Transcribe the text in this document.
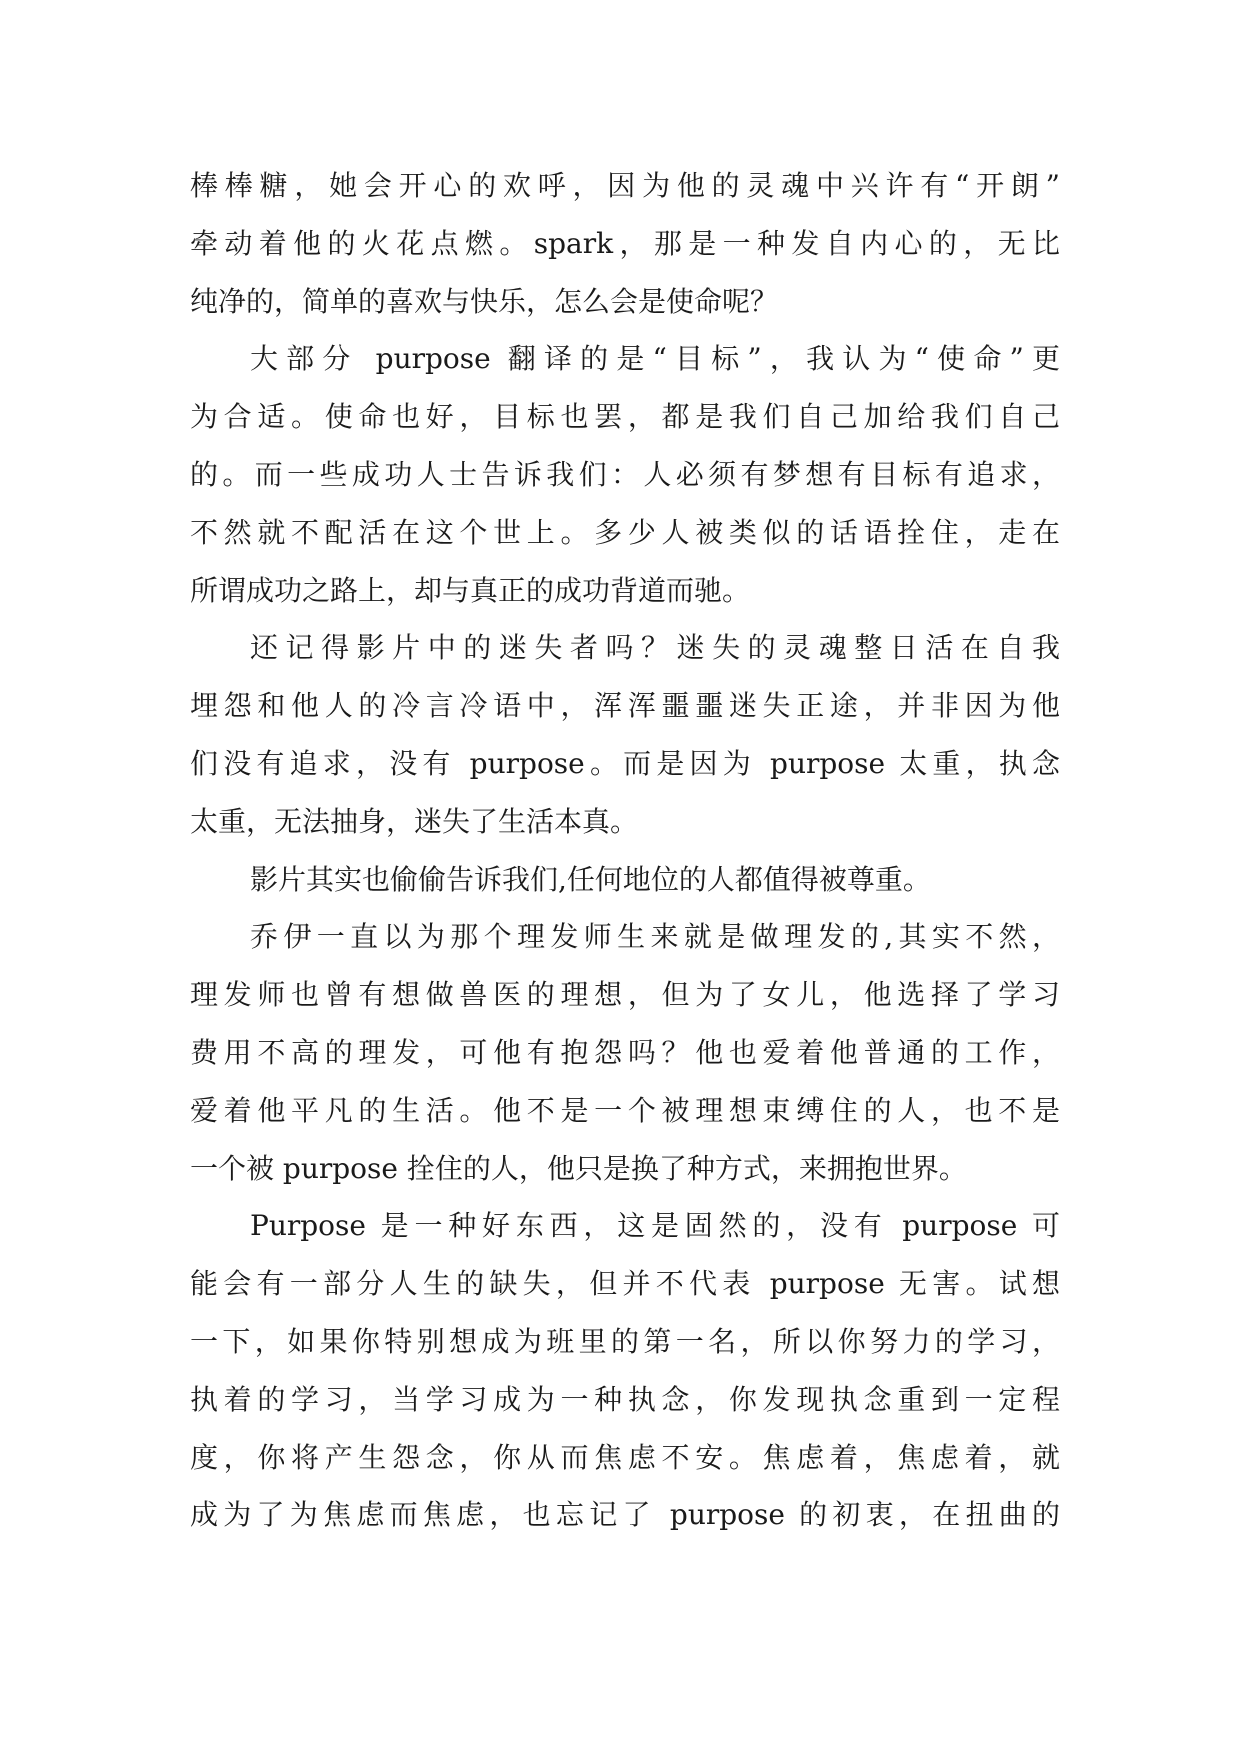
棒棒糖，她会开心的欢呼，因为他的灵魂中兴许有“开朗”
牵动着他的火花点燃。spark，那是一种发自内心的，无比
纯净的，简单的喜欢与快乐，怎么会是使命呢？
大部分 purpose 翻译的是“目标”，我认为“使命”更
为合适。使命也好，目标也罢，都是我们自己加给我们自己
的。而一些成功人士告诉我们：人必须有梦想有目标有追求，
不然就不配活在这个世上。多少人被类似的话语拴住，走在
所谓成功之路上，却与真正的成功背道而驰。
还记得影片中的迷失者吗？迷失的灵魂整日活在自我
埋怨和他人的冷言冷语中，浑浑噩噩迷失正途，并非因为他
们没有追求，没有 purpose。而是因为 purpose 太重，执念
太重，无法抽身，迷失了生活本真。
影片其实也偷偷告诉我们,任何地位的人都值得被尊重。
乔伊一直以为那个理发师生来就是做理发的,其实不然，
理发师也曾有想做兽医的理想，但为了女儿，他选择了学习
费用不高的理发，可他有抱怨吗？他也爱着他普通的工作，
爱着他平凡的生活。他不是一个被理想束缚住的人，也不是
一个被 purpose 拴住的人，他只是换了种方式，来拥抱世界。
Purpose 是一种好东西，这是固然的，没有 purpose 可
能会有一部分人生的缺失，但并不代表 purpose 无害。试想
一下，如果你特别想成为班里的第一名，所以你努力的学习，
执着的学习，当学习成为一种执念，你发现执念重到一定程
度，你将产生怨念，你从而焦虑不安。焦虑着，焦虑着，就
成为了为焦虑而焦虑，也忘记了 purpose 的初衷，在扭曲的
